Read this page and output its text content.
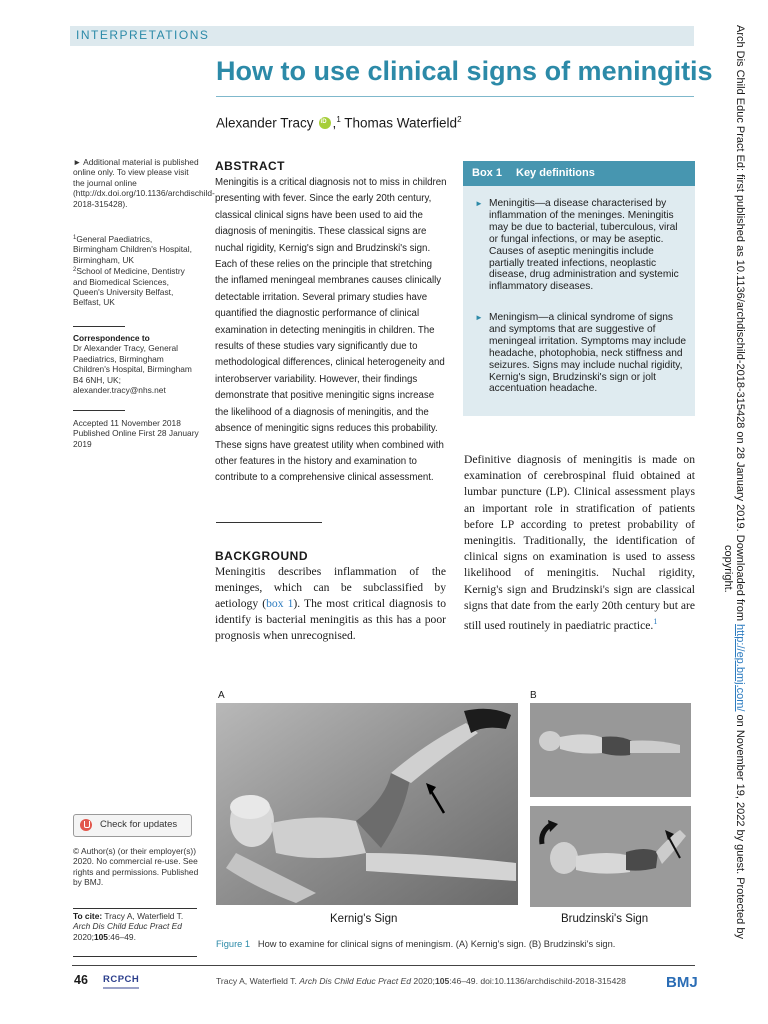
INTERPRETATIONS
How to use clinical signs of meningitis
Alexander TracyiD ,$^1$ Thomas Waterfield$^2$

► Additional material is published online only. To view please visit the journal online (http://dx.doi.org/10.1136/archdischild-2018-315428).

$^1$General Paediatrics, Birmingham Children's Hospital, Birmingham, UK

$^2$School of Medicine, Dentistry and Biomedical Sciences, Queen's University Belfast, Belfast, UK

Correspondence to

Dr Alexander Tracy, General Paediatrics, Birmingham Children's Hospital, Birmingham B4 6NH, UK; alexander.tracy@nhs.net

Accepted 11 November 2018

Published Online First 28 January 2019

Check for updates

© Author(s) (or their employer(s)) 2020. No commercial re-use. See rights and permissions. Published by BMJ.

To cite: Tracy A, Waterfield T. Arch Dis Child Educ Pract Ed 2020;105:46–49.

ABSTRACT
Meningitis is a critical diagnosis not to miss in children presenting with fever. Since the early 20th century, classical clinical signs have been used to aid the diagnosis of meningitis. These classical signs are nuchal rigidity, Kernig's sign and Brudzinski's sign. Each of these relies on the principle that stretching the inflamed meningeal membranes causes clinically detectable irritation. Several primary studies have quantified the diagnostic performance of clinical examination in detecting meningitis in children. The results of these studies vary significantly due to methodological differences, clinical heterogeneity and interobserver variability. However, their findings demonstrate that positive meningitic signs increase the likelihood of a diagnosis of meningitis, and the absence of meningitic signs reduces this probability. These signs have greatest utility when combined with other features in the history and examination to contribute to a comprehensive clinical assessment.
BACKGROUND
Meningitis describes inflammation of the meninges, which can be subclassified by aetiology (box 1). The most critical diagnosis to identify is bacterial meningitis as this has a poor prognosis when unrecognised.
Box 1 Key definitions
► Meningitis—a disease characterised by inflammation of the meninges. Meningitis may be due to bacterial, tuberculous, viral or fungal infections, or may be aseptic. Causes of aseptic meningitis include partially treated infections, neoplastic disease, drug administration and systemic inflammatory diseases.
► Meningism—a clinical syndrome of signs and symptoms that are suggestive of meningeal irritation. Symptoms may include headache, photophobia, neck stiffness and seizures. Signs may include nuchal rigidity, Kernig's sign, Brudzinski's sign or jolt accentuation headache.
Definitive diagnosis of meningitis is made on examination of cerebrospinal fluid obtained at lumbar puncture (LP). Clinical assessment plays an important role in stratification of patients before LP according to pretest probability of meningitis. Traditionally, the identification of clinical signs on examination is used to assess likelihood of meningitis. Nuchal rigidity, Kernig's sign and Brudzinski's sign are classical signs that date from the early 20th century but are still used routinely in paediatric practice.$^1$
A	B
Kernig's Sign	Brudzinski's Sign
Figure 1 How to examine for clinical signs of meningism. (A) Kernig's sign. (B) Brudzinski's sign.
46 RCPCH	Tracy A, Waterfield T. Arch Dis Child Educ Pract Ed 2020;105:46–49. doi:10.1136/archdischild-2018-315428	BMJ
Arch Dis Child Educ Pract Ed: first published as 10.1136/archdischild-2018-315428 on 28 January 2019. Downloaded from http://ep.bmj.com/ on November 19, 2022 by guest. Protected by
copyright.
